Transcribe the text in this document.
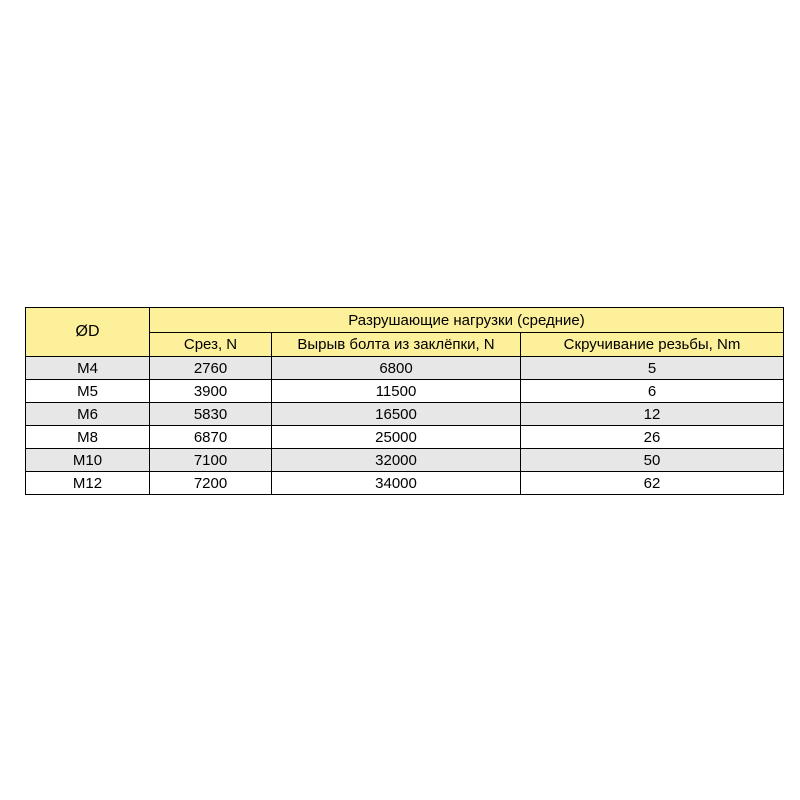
ØD	Разрушающие нагрузки (средние)		
	Срез, N	Вырыв болта из заклёпки, N	Скручивание резьбы, Nm
M4	2760	6800	5
M5	3900	11500	6
M6	5830	16500	12
M8	6870	25000	26
M10	7100	32000	50
M12	7200	34000	62
